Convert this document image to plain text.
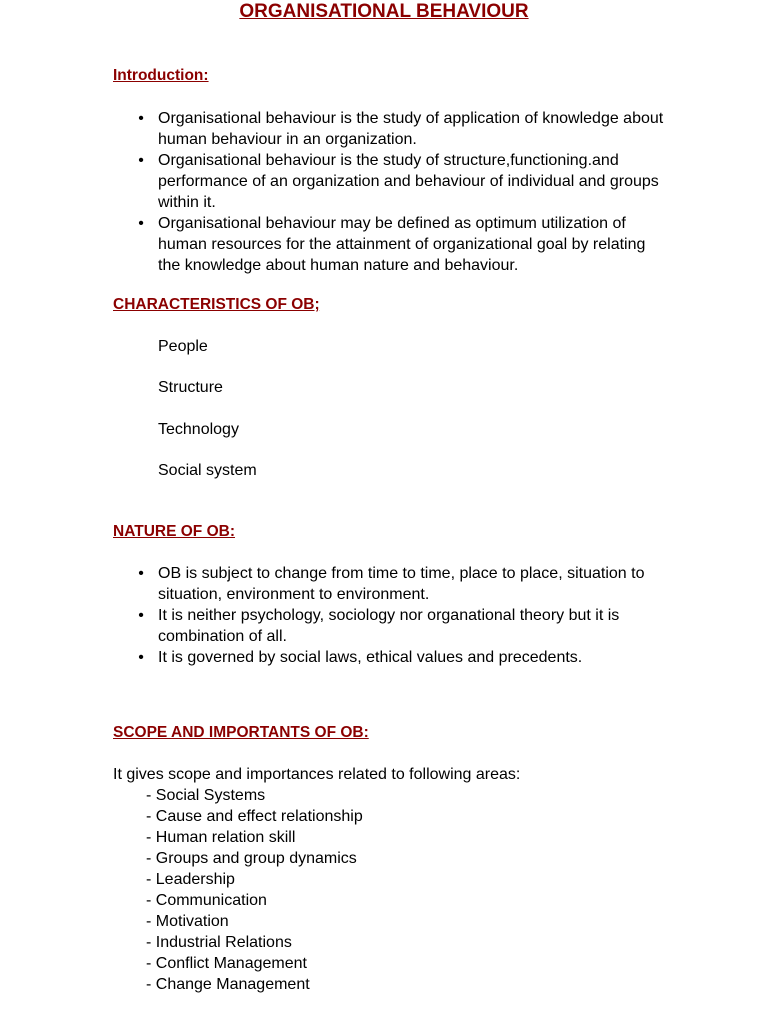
ORGANISATIONAL BEHAVIOUR
Introduction:
• Organisational behaviour is the study of application of knowledge about human behaviour in an organization.
• Organisational behaviour is the study of structure,functioning.and performance of an organization and behaviour of individual and groups within it.
• Organisational behaviour may be defined as optimum utilization of human resources for the attainment of organizational goal by relating the knowledge about human nature and behaviour.
CHARACTERISTICS OF OB;
People
Structure
Technology
Social system
NATURE OF OB:
• OB is subject to change from time to time, place to place, situation to situation, environment to environment.
• It is neither psychology, sociology nor organational theory but it is combination of all.
• It is governed by social laws, ethical values and precedents.
SCOPE AND IMPORTANTS OF OB:

It gives scope and importances related to following areas:

- Social Systems
- Cause and effect relationship
- Human relation skill
- Groups and group dynamics
- Leadership
- Communication
- Motivation
- Industrial Relations
- Conflict Management
- Change Management
